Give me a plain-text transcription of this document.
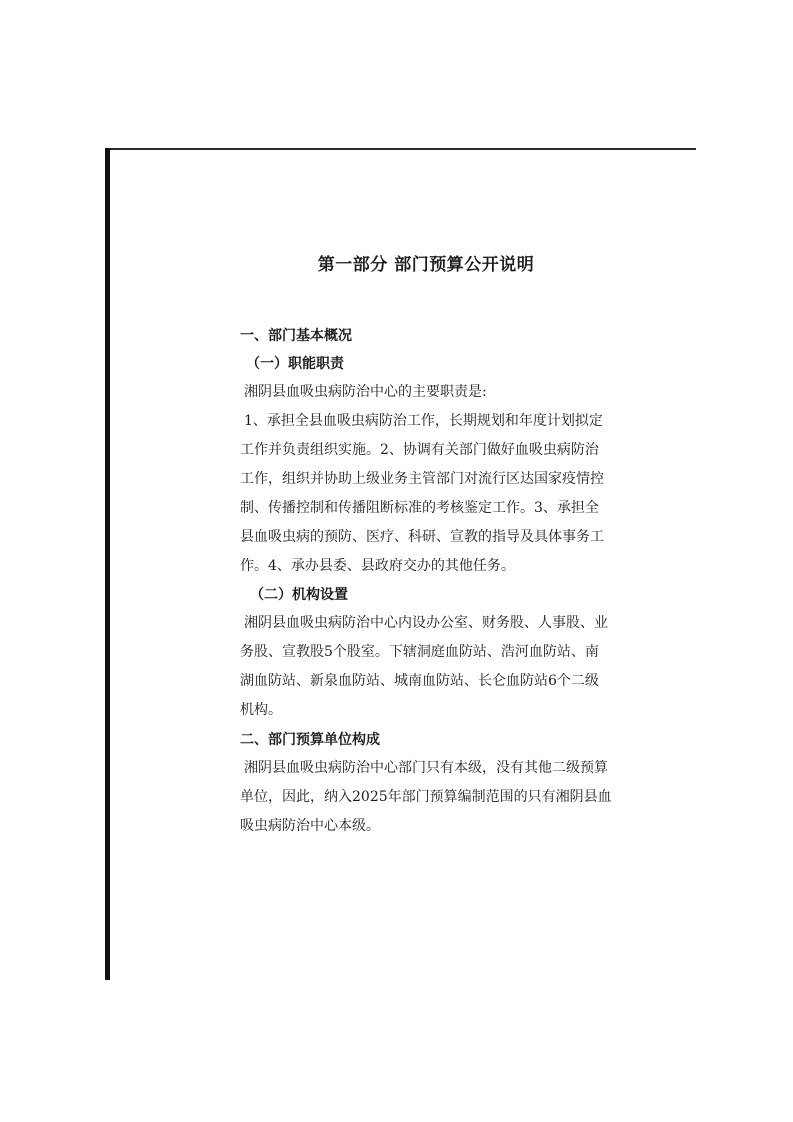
第一部分 部门预算公开说明

一、部门基本概况

（一）职能职责

湘阴县血吸虫病防治中心的主要职责是:

1、承担全县血吸虫病防治工作，长期规划和年度计划拟定工作并负责组织实施。2、协调有关部门做好血吸虫病防治工作，组织并协助上级业务主管部门对流行区达国家疫情控制、传播控制和传播阻断标准的考核鉴定工作。3、承担全县血吸虫病的预防、医疗、科研、宣教的指导及具体事务工作。4、承办县委、县政府交办的其他任务。

（二）机构设置

湘阴县血吸虫病防治中心内设办公室、财务股、人事股、业务股、宣教股5个股室。下辖洞庭血防站、浩河血防站、南湖血防站、新泉血防站、城南血防站、长仑血防站6个二级机构。

二、部门预算单位构成

湘阴县血吸虫病防治中心部门只有本级，没有其他二级预算单位，因此，纳入2025年部门预算编制范围的只有湘阴县血吸虫病防治中心本级。
